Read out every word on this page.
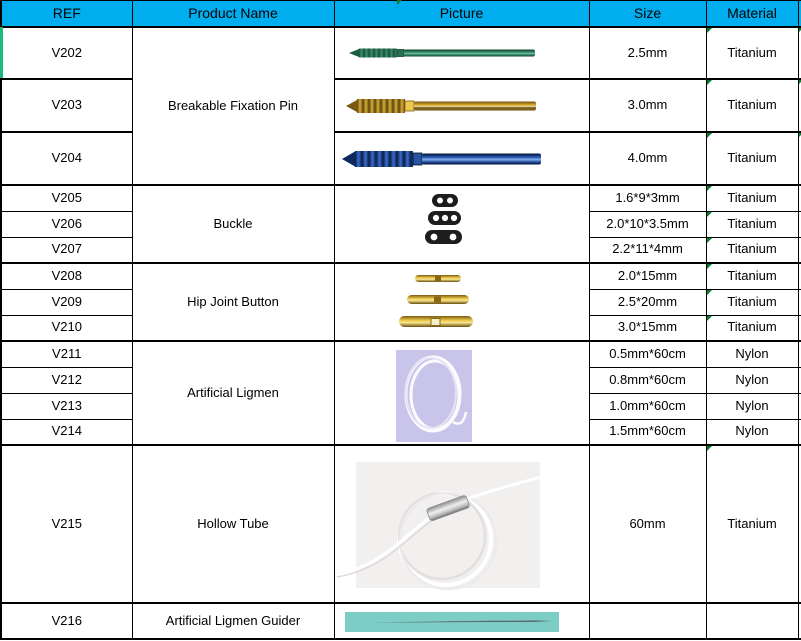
REF	Product Name	Picture	Size	Material	
V202	Breakable Fixation Pin		2.5mm	Titanium	
V203			3.0mm	Titanium	
V204			4.0mm	Titanium	
V205	Buckle		1.6*9*3mm	Titanium	
V206			2.0*10*3.5mm	Titanium	
V207			2.2*11*4mm	Titanium	
V208	Hip Joint Button		2.0*15mm	Titanium	
V209			2.5*20mm	Titanium	
V210			3.0*15mm	Titanium	
V211	Artificial Ligmen		0.5mm*60cm	Nylon	
V212			0.8mm*60cm	Nylon	
V213			1.0mm*60cm	Nylon	
V214			1.5mm*60cm	Nylon	
V215	Hollow Tube		60mm	Titanium	
V216	Artificial Ligmen Guider	
